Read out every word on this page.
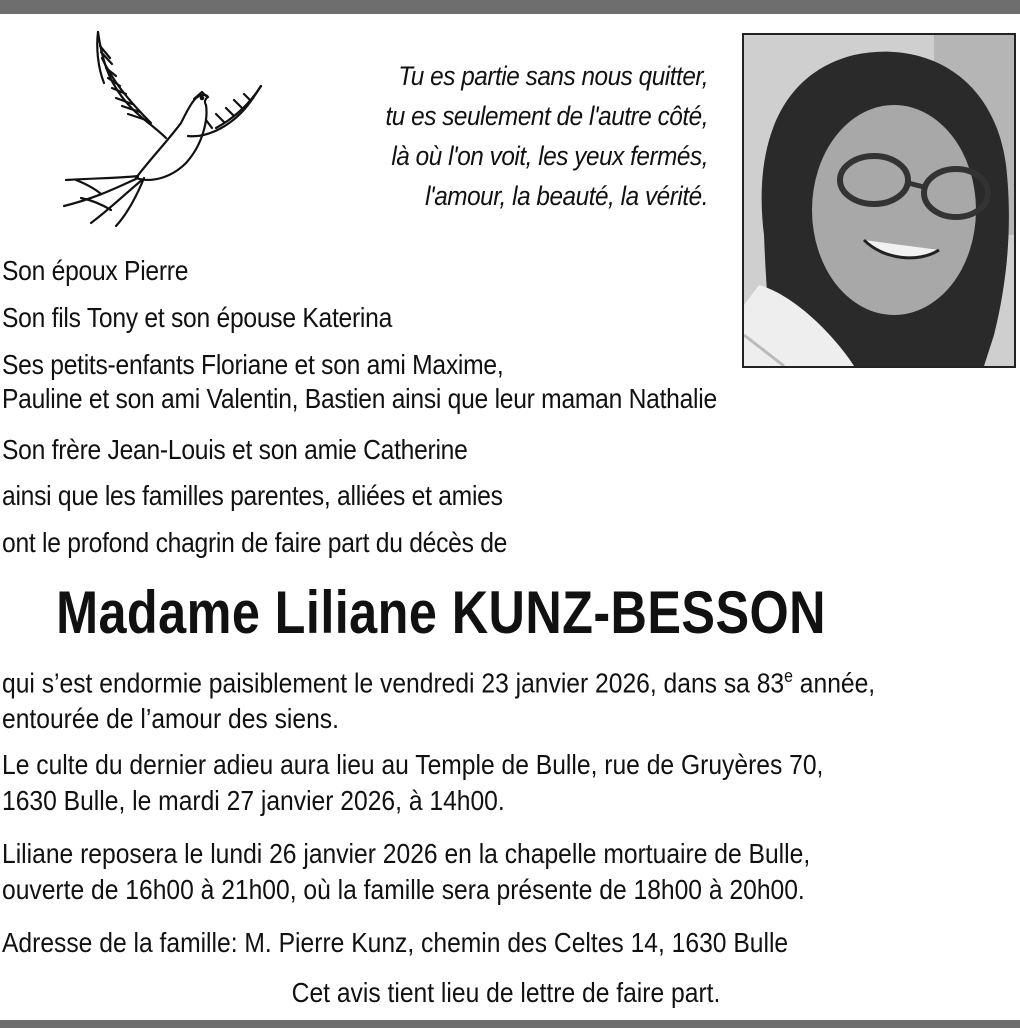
Tu es partie sans nous quitter,
tu es seulement de l'autre côté,
là où l'on voit, les yeux fermés,
l'amour, la beauté, la vérité.
Son époux Pierre
Son fils Tony et son épouse Katerina
Ses petits-enfants Floriane et son ami Maxime,
Pauline et son ami Valentin, Bastien ainsi que leur maman Nathalie
Son frère Jean-Louis et son amie Catherine
ainsi que les familles parentes, alliées et amies
ont le profond chagrin de faire part du décès de
Madame Liliane KUNZ-BESSON
qui s’est endormie paisiblement le vendredi 23 janvier 2026, dans sa 83e année,
entourée de l’amour des siens.
Le culte du dernier adieu aura lieu au Temple de Bulle, rue de Gruyères 70,
1630 Bulle, le mardi 27 janvier 2026, à 14h00.
Liliane reposera le lundi 26 janvier 2026 en la chapelle mortuaire de Bulle,
ouverte de 16h00 à 21h00, où la famille sera présente de 18h00 à 20h00.
Adresse de la famille: M. Pierre Kunz, chemin des Celtes 14, 1630 Bulle
Cet avis tient lieu de lettre de faire part.
